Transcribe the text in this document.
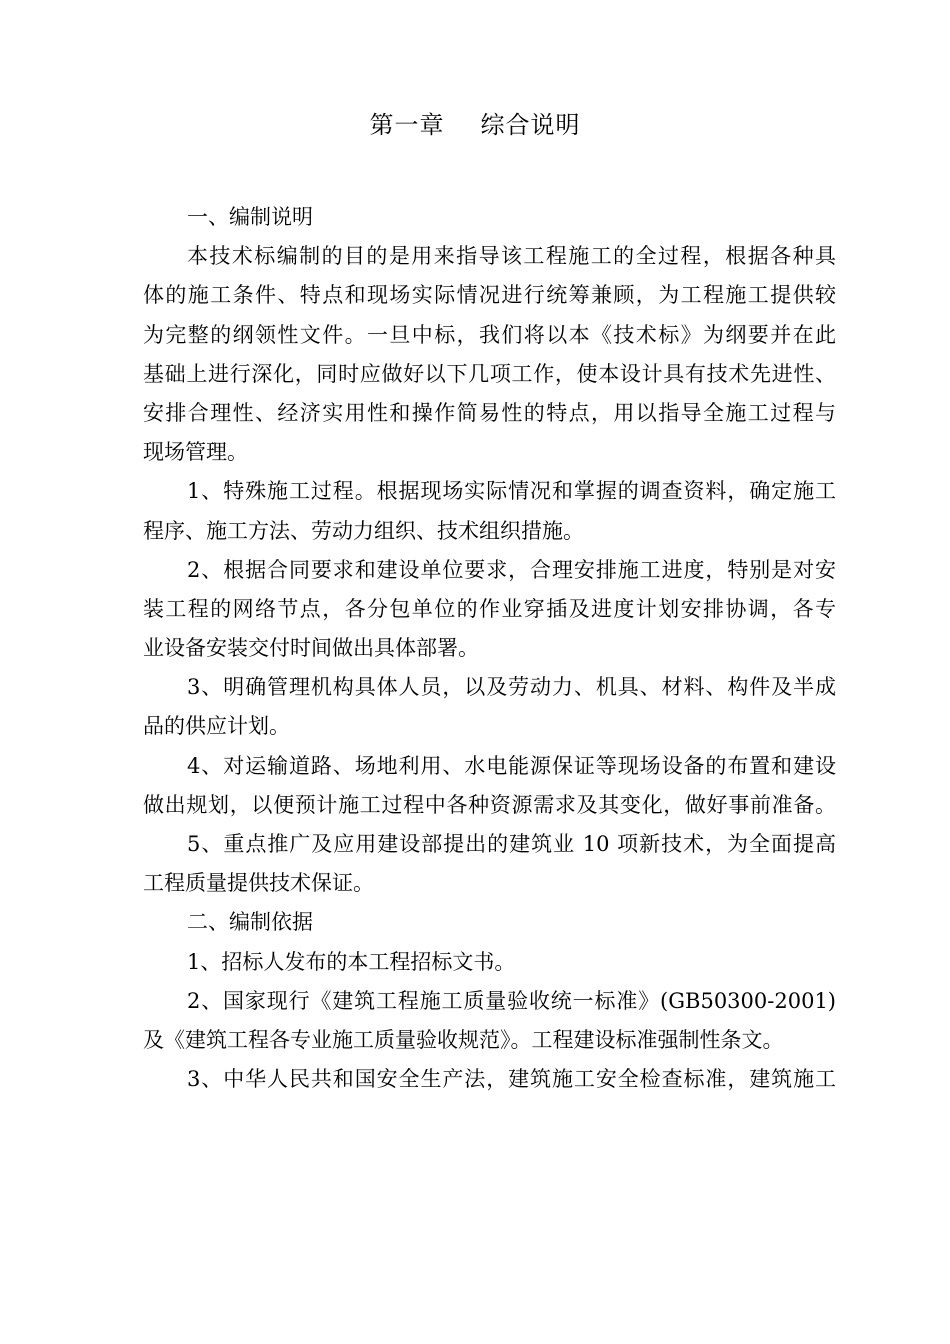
第一章 综合说明
一、编制说明
本技术标编制的目的是用来指导该工程施工的全过程，根据各种具
体的施工条件、特点和现场实际情况进行统筹兼顾，为工程施工提供较
为完整的纲领性文件。一旦中标，我们将以本《技术标》为纲要并在此
基础上进行深化，同时应做好以下几项工作，使本设计具有技术先进性、
安排合理性、经济实用性和操作简易性的特点，用以指导全施工过程与
现场管理。
1、特殊施工过程。根据现场实际情况和掌握的调查资料，确定施工
程序、施工方法、劳动力组织、技术组织措施。
2、根据合同要求和建设单位要求，合理安排施工进度，特别是对安
装工程的网络节点，各分包单位的作业穿插及进度计划安排协调，各专
业设备安装交付时间做出具体部署。
3、明确管理机构具体人员，以及劳动力、机具、材料、构件及半成
品的供应计划。
4、对运输道路、场地利用、水电能源保证等现场设备的布置和建设
做出规划，以便预计施工过程中各种资源需求及其变化，做好事前准备。
5、重点推广及应用建设部提出的建筑业 10 项新技术，为全面提高
工程质量提供技术保证。
二、编制依据
1、招标人发布的本工程招标文书。
2、国家现行《建筑工程施工质量验收统一标准》(GB50300-2001)
及《建筑工程各专业施工质量验收规范》。工程建设标准强制性条文。
3、中华人民共和国安全生产法，建筑施工安全检查标准，建筑施工
